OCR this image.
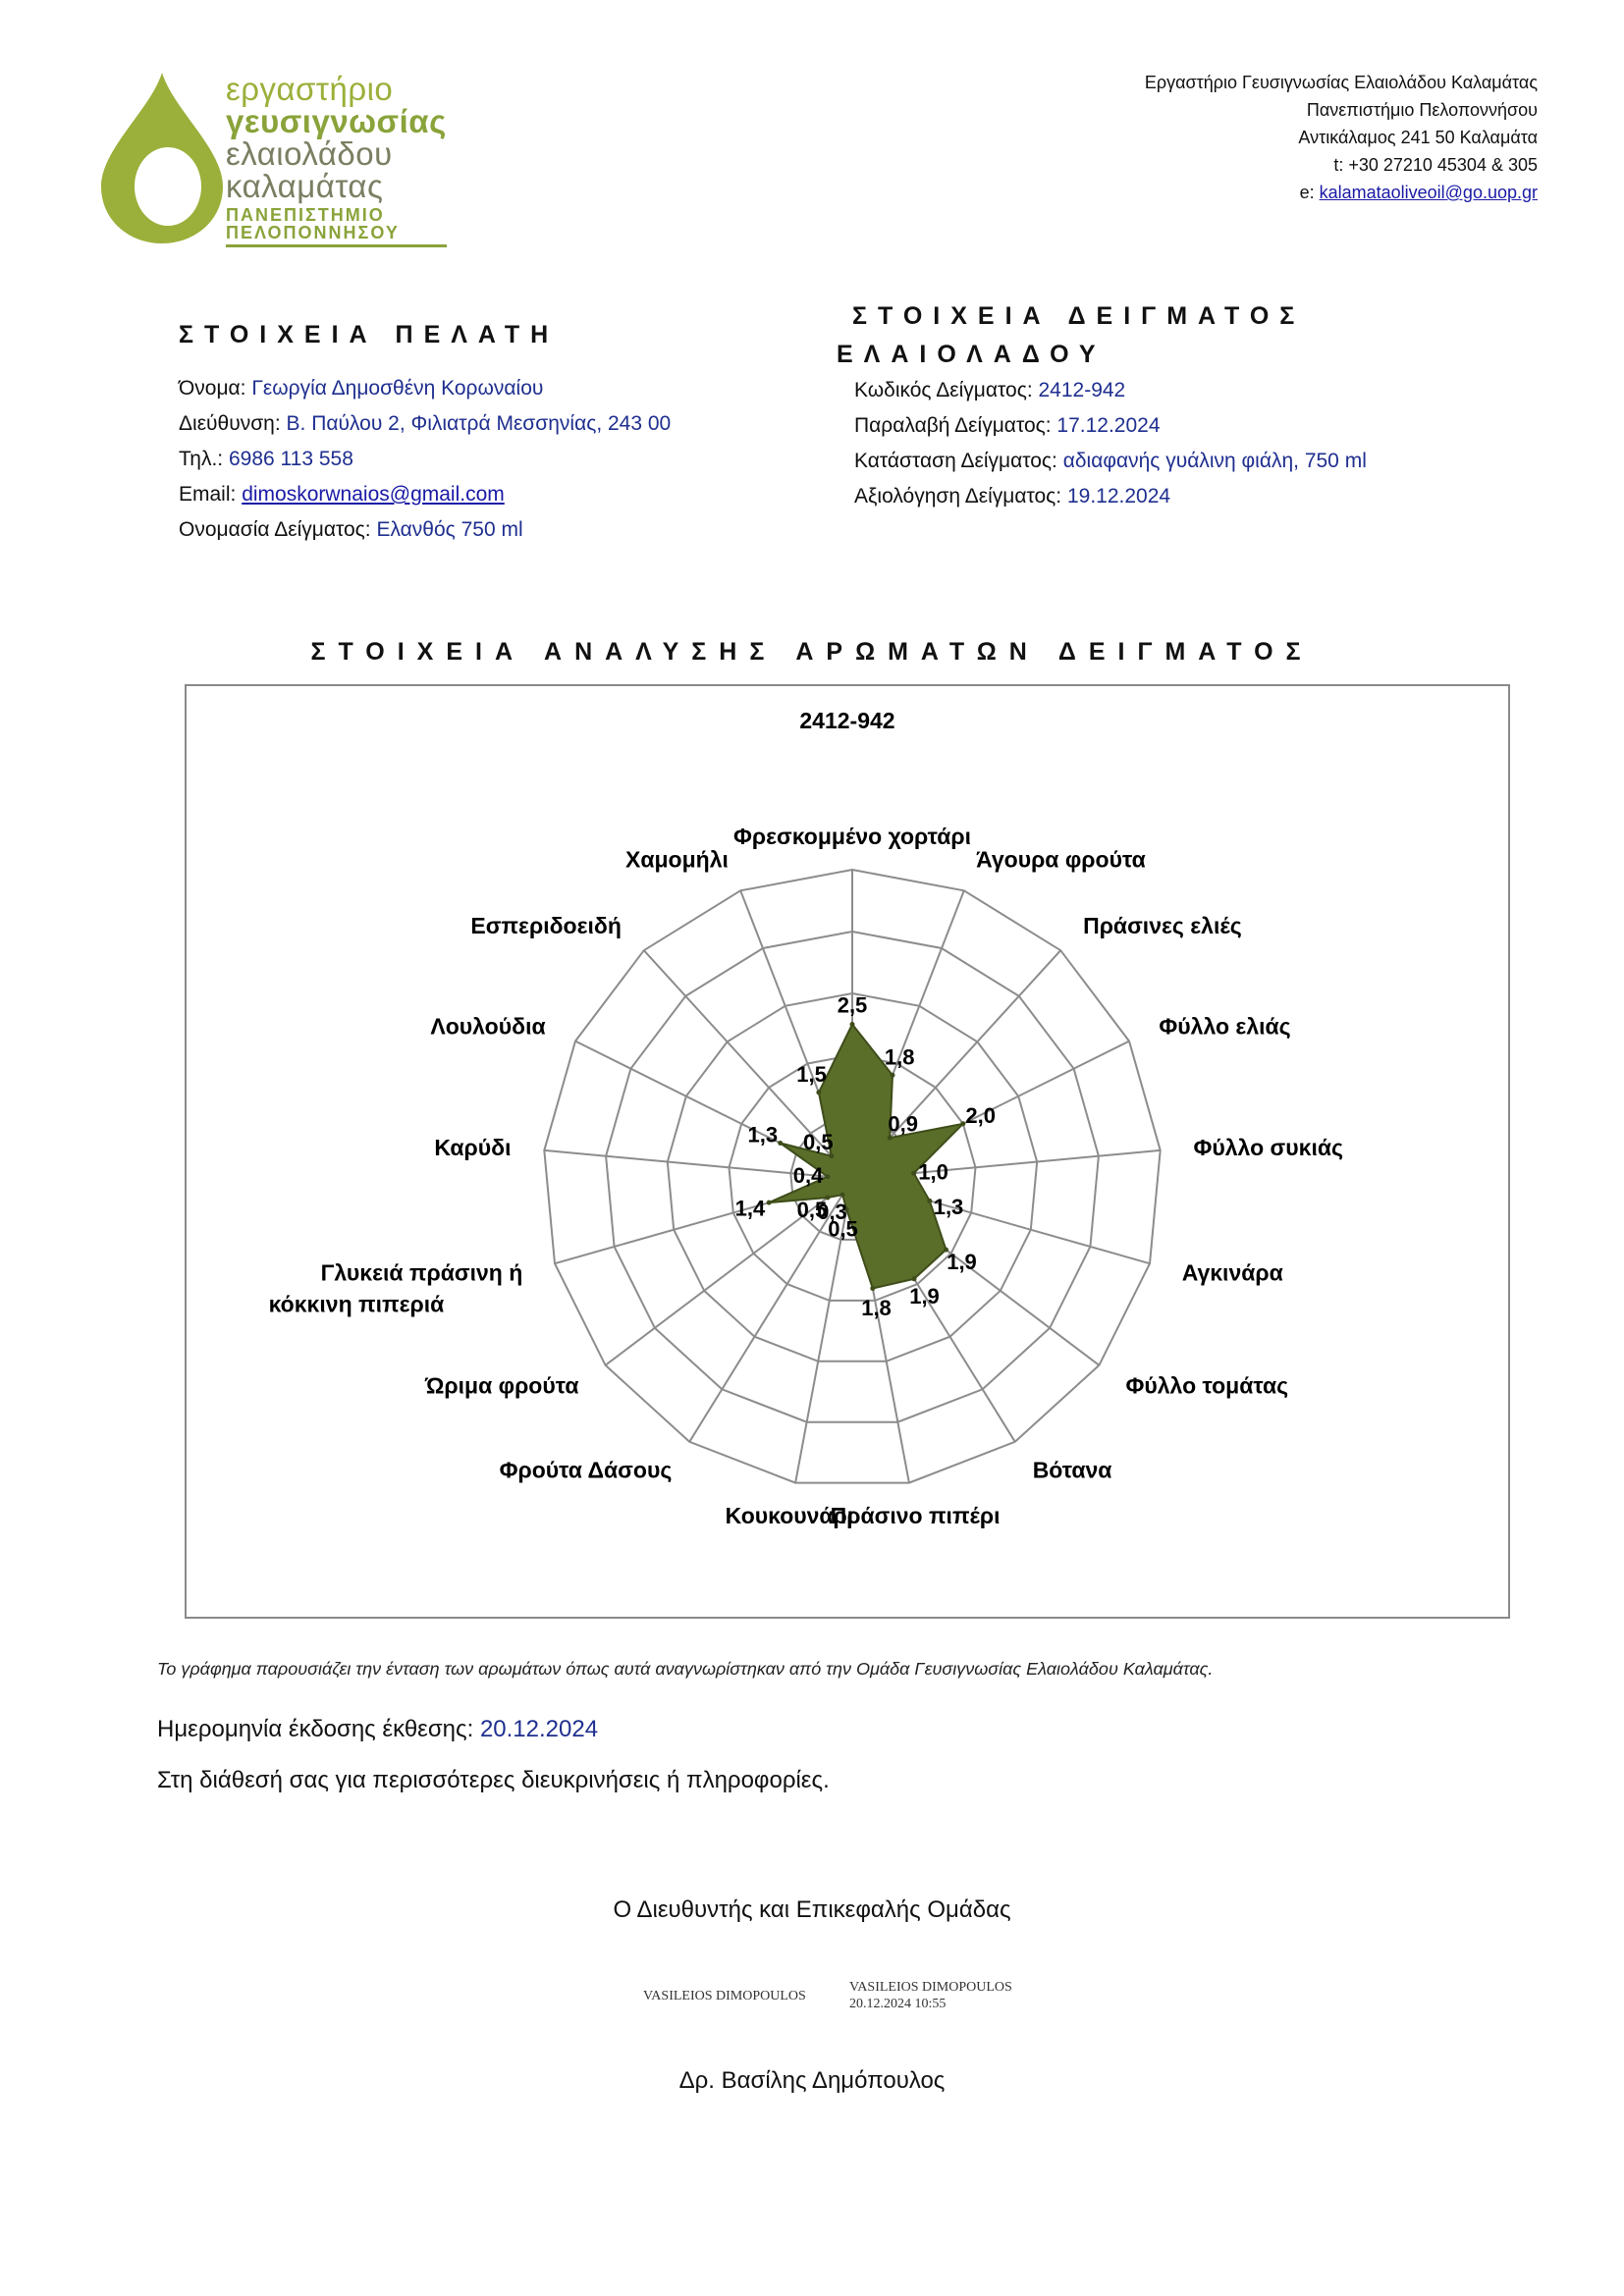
εργαστήριο
γευσιγνωσίας
ελαιολάδου
καλαμάτας
ΠΑΝΕΠΙΣΤΗΜΙΟ
ΠΕΛΟΠΟΝΝΗΣΟΥ
Εργαστήριο Γευσιγνωσίας Ελαιολάδου Καλαμάτας
Πανεπιστήμιο Πελοποννήσου
Αντικάλαμος 241 50 Καλαμάτα
t: +30 27210 45304 & 305
e: kalamataoliveoil@go.uop.gr
ΣΤΟΙΧΕΙΑ ΠΕΛΑΤΗ
Όνομα: Γεωργία Δημοσθένη Κορωναίου
Διεύθυνση: Β. Παύλου 2, Φιλιατρά Μεσσηνίας, 243 00
Τηλ.: 6986 113 558
Email: dimoskorwnaios@gmail.com
Ονομασία Δείγματος: Ελανθός 750 ml
ΣΤΟΙΧΕΙΑ ΔΕΙΓΜΑΤΟΣ
ΕΛΑΙΟΛΑΔΟΥ
Κωδικός Δείγματος: 2412-942
Παραλαβή Δείγματος: 17.12.2024
Κατάσταση Δείγματος: αδιαφανής γυάλινη φιάλη, 750 ml
Αξιολόγηση Δείγματος: 19.12.2024
ΣΤΟΙΧΕΙΑ ΑΝΑΛΥΣΗΣ ΑΡΩΜΑΤΩΝ ΔΕΙΓΜΑΤΟΣ
2412-942
2,5
1,8
0,9 2,0
1,0
1,3
1,9
1,9
1,8
0,5
0,3
0,5
1,4
0,4
1,3 0,5
1,5
Φρεσκομμένο χορτάρι
Άγουρα φρούτα
Πράσινες ελιές
Φύλλο ελιάς
Φύλλο συκιάς
Αγκινάρα
Φύλλο τομάτας
Βότανα
Πράσινο πιπέρι
Κουκουνάρι
Φρούτα Δάσους
Ώριμα φρούτα
Γλυκειά πράσινη ή κόκκινη πιπεριά
Καρύδι
Λουλούδια
Εσπεριδοειδή
Χαμομήλι
Το γράφημα παρουσιάζει την ένταση των αρωμάτων όπως αυτά αναγνωρίστηκαν από την Ομάδα Γευσιγνωσίας Ελαιολάδου Καλαμάτας.
Ημερομηνία έκδοσης έκθεσης: 20.12.2024
Στη διάθεσή σας για περισσότερες διευκρινήσεις ή πληροφορίες.
Ο Διευθυντής και Επικεφαλής Ομάδας
VASILEIOS DIMOPOULOS
VASILEIOS DIMOPOULOS
20.12.2024 10:55
Δρ. Βασίλης Δημόπουλος
